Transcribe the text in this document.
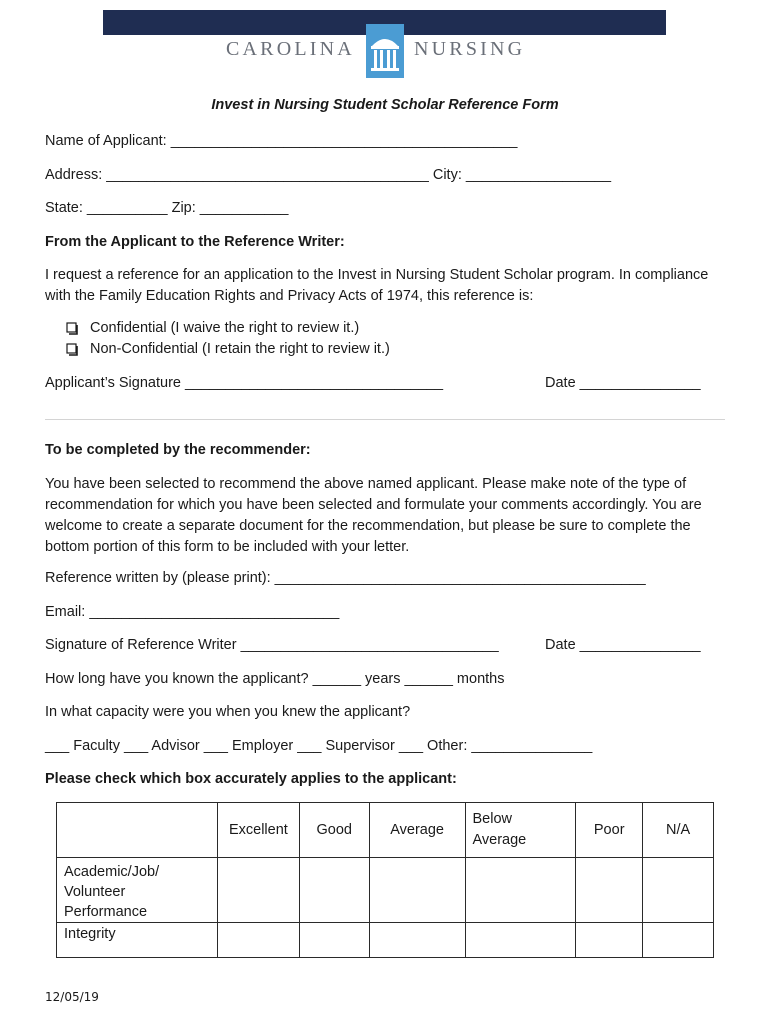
CAROLINA	NURSING
Invest in Nursing Student Scholar Reference Form
Name of Applicant: ___________________________________________
Address: ________________________________________ City: __________________
State: __________ Zip: ___________
From the Applicant to the Reference Writer:
I request a reference for an application to the Invest in Nursing Student Scholar program. In compliance with the Family Education Rights and Privacy Acts of 1974, this reference is:
Confidential (I waive the right to review it.)
Non-Confidential (I retain the right to review it.)
Applicant’s Signature ________________________________	Date _______________
To be completed by the recommender:
You have been selected to recommend the above named applicant. Please make note of the type of recommendation for which you have been selected and formulate your comments accordingly. You are welcome to create a separate document for the recommendation, but please be sure to complete the bottom portion of this form to be included with your letter.
Reference written by (please print): ______________________________________________
Email: _______________________________
Signature of Reference Writer ________________________________	Date _______________
How long have you known the applicant? ______ years ______ months
In what capacity were you when you knew the applicant?
___ Faculty ___ Advisor ___ Employer ___ Supervisor ___ Other: _______________
Please check which box accurately applies to the applicant:
	Excellent	Good	Average	Below Average	Poor	N/A
Academic/Job/ Volunteer Performance						
Integrity						
12/05/19
